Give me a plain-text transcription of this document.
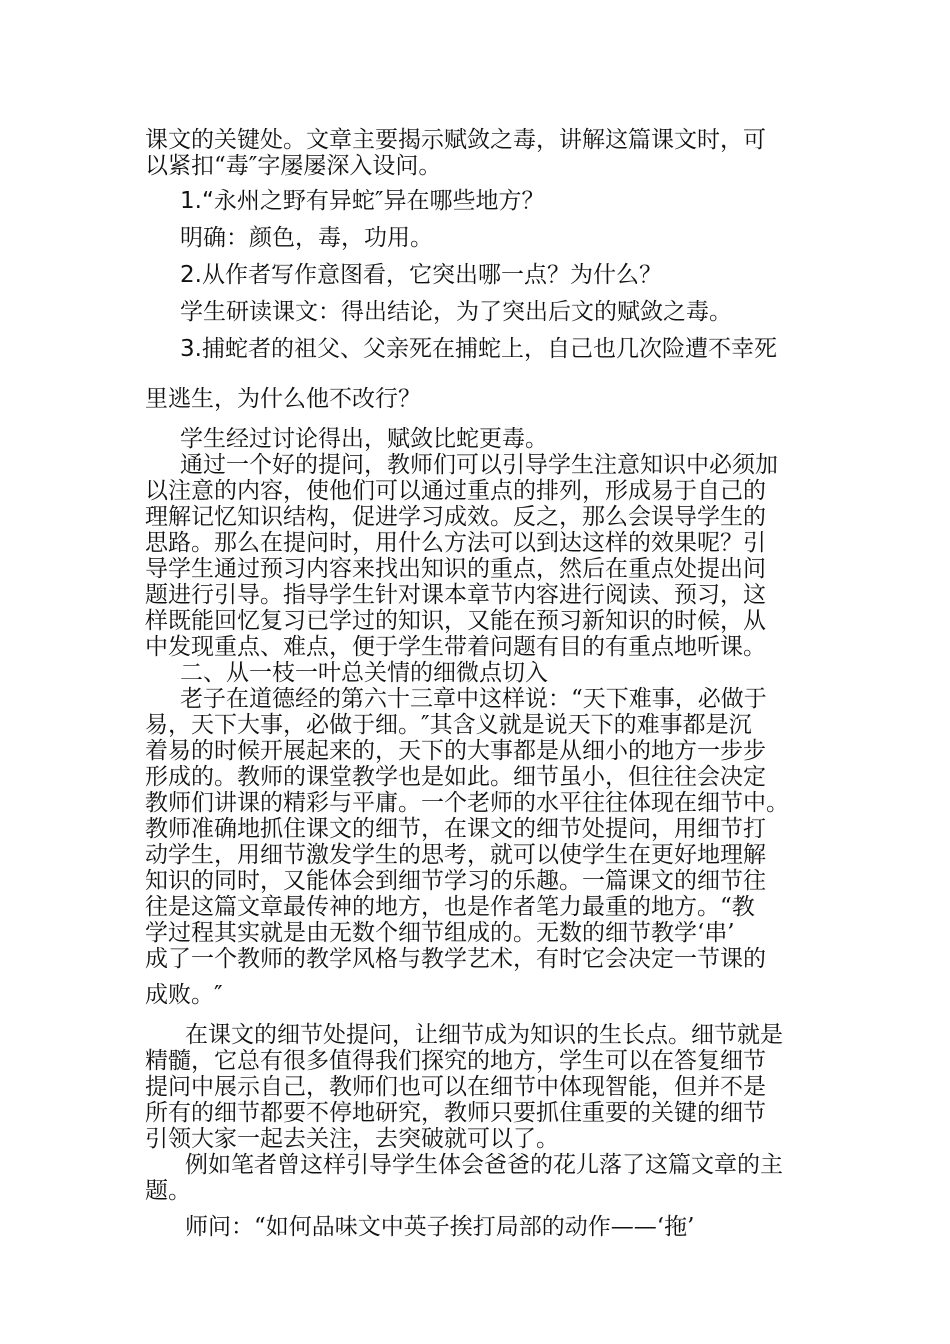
课文的关键处。文章主要揭示赋敛之毒，讲解这篇课文时，可
以紧扣“毒″字屡屡深入设问。
1.“永州之野有异蛇″异在哪些地方？
明确：颜色，毒，功用。
2.从作者写作意图看，它突出哪一点？为什么？
学生研读课文：得出结论，为了突出后文的赋敛之毒。
3.捕蛇者的祖父、父亲死在捕蛇上，自己也几次险遭不幸死
里逃生，为什么他不改行？
学生经过讨论得出，赋敛比蛇更毒。
通过一个好的提问，教师们可以引导学生注意知识中必须加
以注意的内容，使他们可以通过重点的排列，形成易于自己的
理解记忆知识结构，促进学习成效。反之，那么会误导学生的
思路。那么在提问时，用什么方法可以到达这样的效果呢？引
导学生通过预习内容来找出知识的重点，然后在重点处提出问
题进行引导。指导学生针对课本章节内容进行阅读、预习，这
样既能回忆复习已学过的知识，又能在预习新知识的时候，从
中发现重点、难点，便于学生带着问题有目的有重点地听课。
二、从一枝一叶总关情的细微点切入
老子在道德经的第六十三章中这样说：“天下难事，必做于
易，天下大事，必做于细。″其含义就是说天下的难事都是沉
着易的时候开展起来的，天下的大事都是从细小的地方一步步
形成的。教师的课堂教学也是如此。细节虽小，但往往会决定
教师们讲课的精彩与平庸。一个老师的水平往往体现在细节中。
教师准确地抓住课文的细节，在课文的细节处提问，用细节打
动学生，用细节激发学生的思考，就可以使学生在更好地理解
知识的同时，又能体会到细节学习的乐趣。一篇课文的细节往
往是这篇文章最传神的地方，也是作者笔力最重的地方。“教
学过程其实就是由无数个细节组成的。无数的细节教学‘串’
成了一个教师的教学风格与教学艺术，有时它会决定一节课的
成败。″
在课文的细节处提问，让细节成为知识的生长点。细节就是
精髓，它总有很多值得我们探究的地方，学生可以在答复细节
提问中展示自己，教师们也可以在细节中体现智能，但并不是
所有的细节都要不停地研究，教师只要抓住重要的关键的细节
引领大家一起去关注，去突破就可以了。
例如笔者曾这样引导学生体会爸爸的花儿落了这篇文章的主
题。
师问：“如何品味文中英子挨打局部的动作——‘拖’
